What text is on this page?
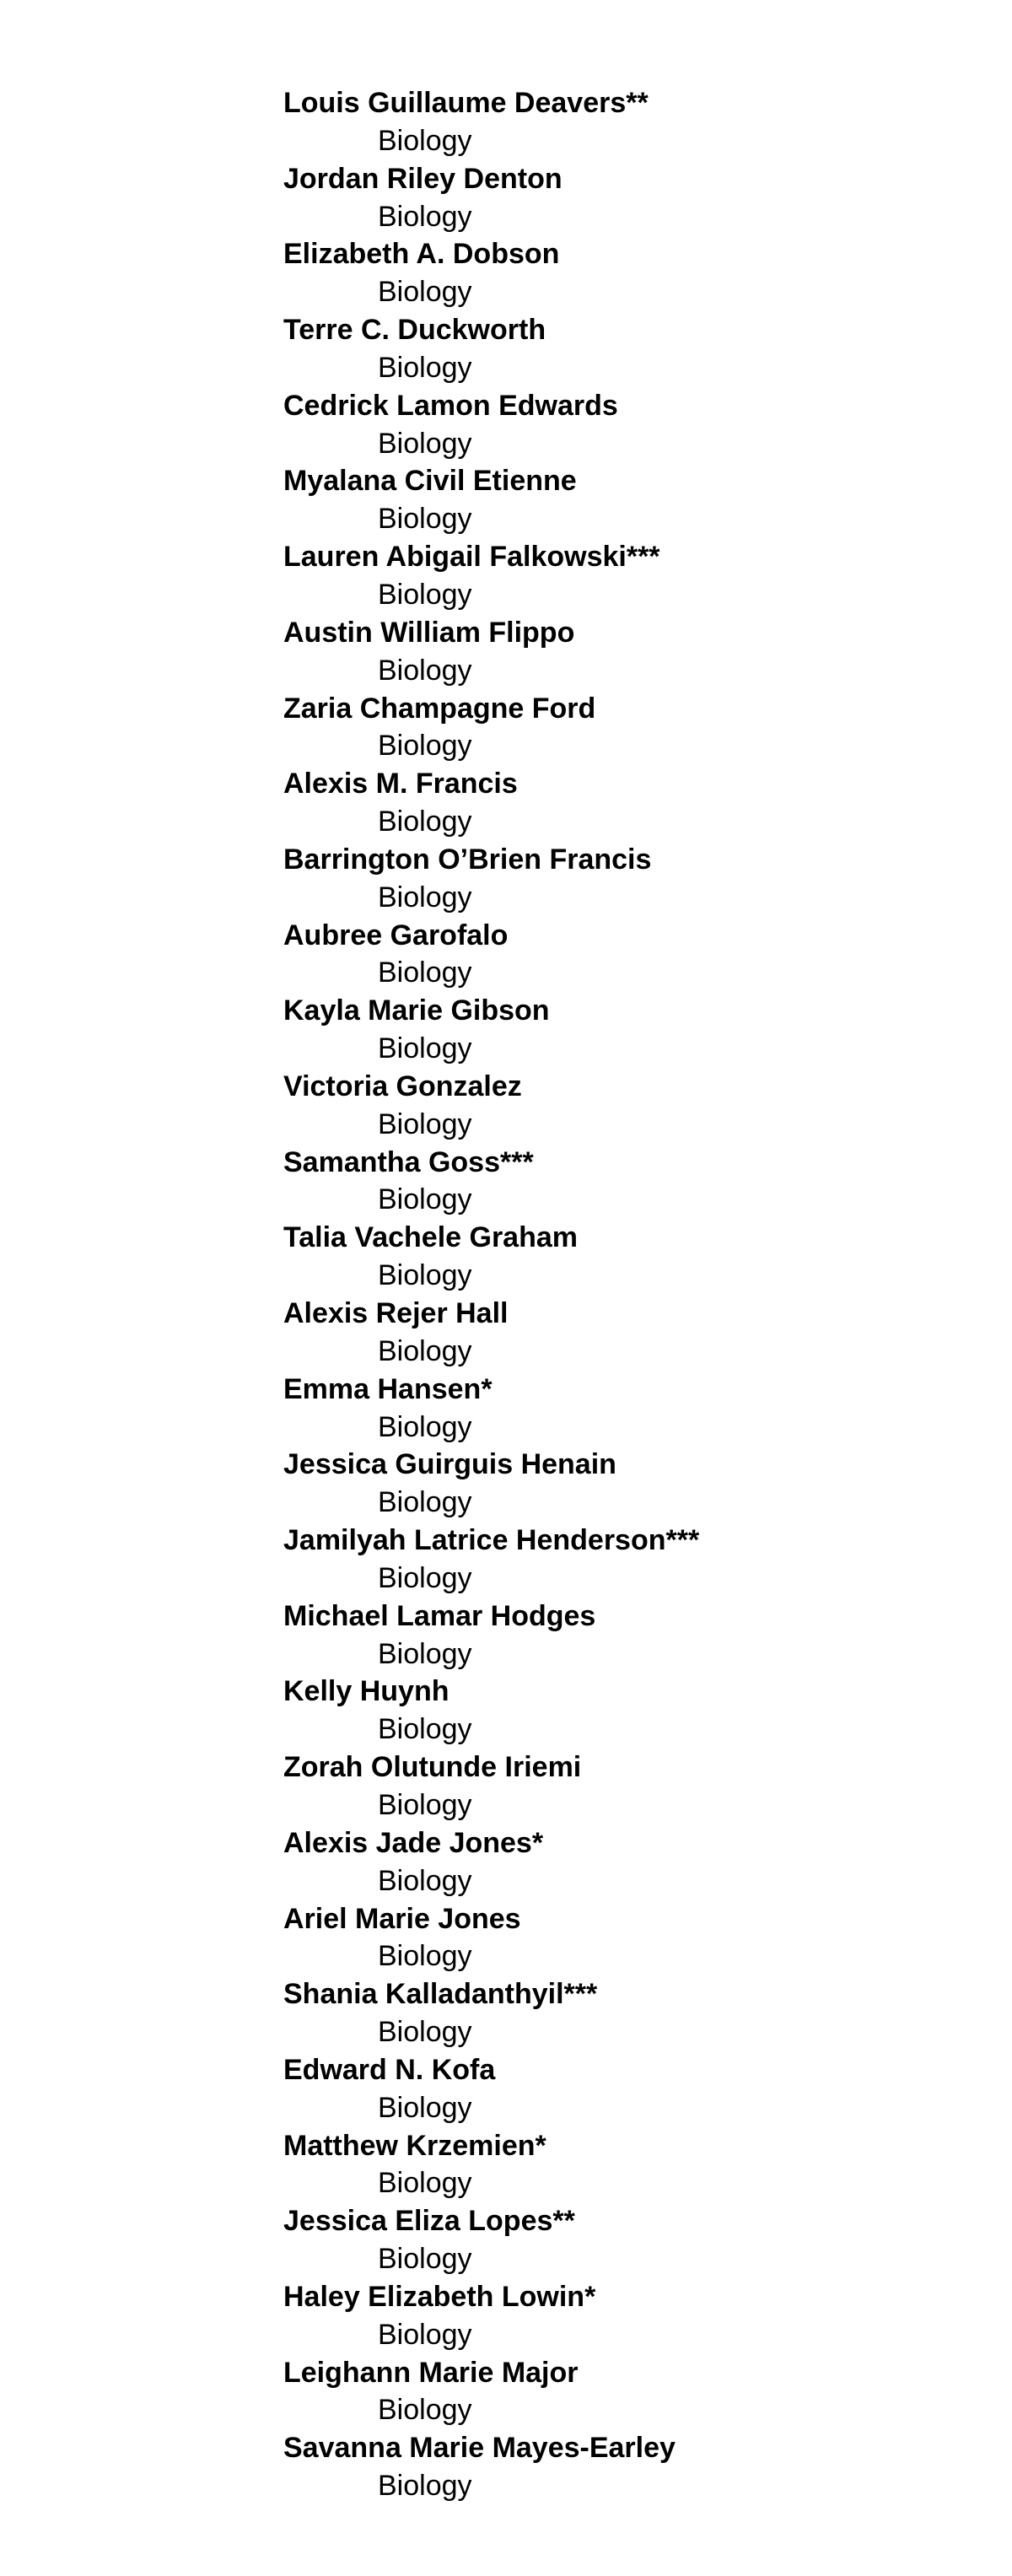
Louis Guillaume Deavers**
Biology
Jordan Riley Denton
Biology
Elizabeth A. Dobson
Biology
Terre C. Duckworth
Biology
Cedrick Lamon Edwards
Biology
Myalana Civil Etienne
Biology
Lauren Abigail Falkowski***
Biology
Austin William Flippo
Biology
Zaria Champagne Ford
Biology
Alexis M. Francis
Biology
Barrington O’Brien Francis
Biology
Aubree Garofalo
Biology
Kayla Marie Gibson
Biology
Victoria Gonzalez
Biology
Samantha Goss***
Biology
Talia Vachele Graham
Biology
Alexis Rejer Hall
Biology
Emma Hansen*
Biology
Jessica Guirguis Henain
Biology
Jamilyah Latrice Henderson***
Biology
Michael Lamar Hodges
Biology
Kelly Huynh
Biology
Zorah Olutunde Iriemi
Biology
Alexis Jade Jones*
Biology
Ariel Marie Jones
Biology
Shania Kalladanthyil***
Biology
Edward N. Kofa
Biology
Matthew Krzemien*
Biology
Jessica Eliza Lopes**
Biology
Haley Elizabeth Lowin*
Biology
Leighann Marie Major
Biology
Savanna Marie Mayes-Earley
Biology
